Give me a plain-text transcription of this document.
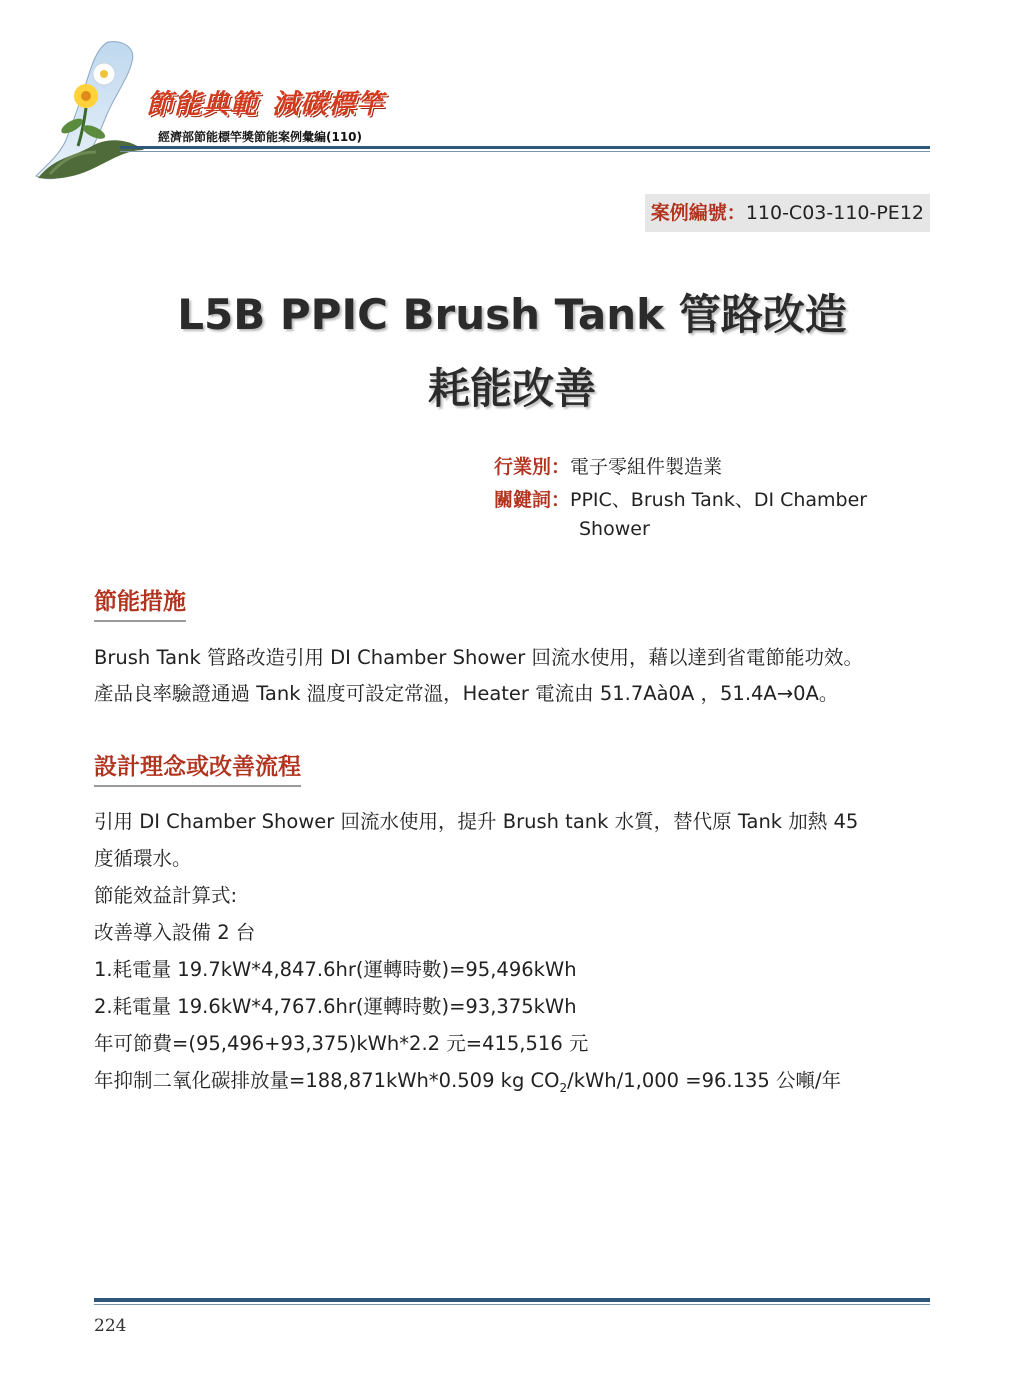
節能典範 減碳標竿
經濟部節能標竿獎節能案例彙編(110)
案例編號：110-C03-110-PE12
L5B PPIC Brush Tank 管路改造
耗能改善
行業別：電子零組件製造業
關鍵詞：PPIC、Brush Tank、DI Chamber
Shower
節能措施
Brush Tank 管路改造引用 DI Chamber Shower 回流水使用，藉以達到省電節能功效。
產品良率驗證通過 Tank 溫度可設定常溫，Heater 電流由 51.7Aà0A ，51.4A→0A。
設計理念或改善流程
引用 DI Chamber Shower 回流水使用，提升 Brush tank 水質，替代原 Tank 加熱 45
度循環水。
節能效益計算式:
改善導入設備 2 台
1.耗電量 19.7kW*4,847.6hr(運轉時數)=95,496kWh
2.耗電量 19.6kW*4,767.6hr(運轉時數)=93,375kWh
年可節費=(95,496+93,375)kWh*2.2 元=415,516 元
年抑制二氧化碳排放量=188,871kWh*0.509 kg $CO_2/kWh/1,000 =96.135$ 公噸/年
224
